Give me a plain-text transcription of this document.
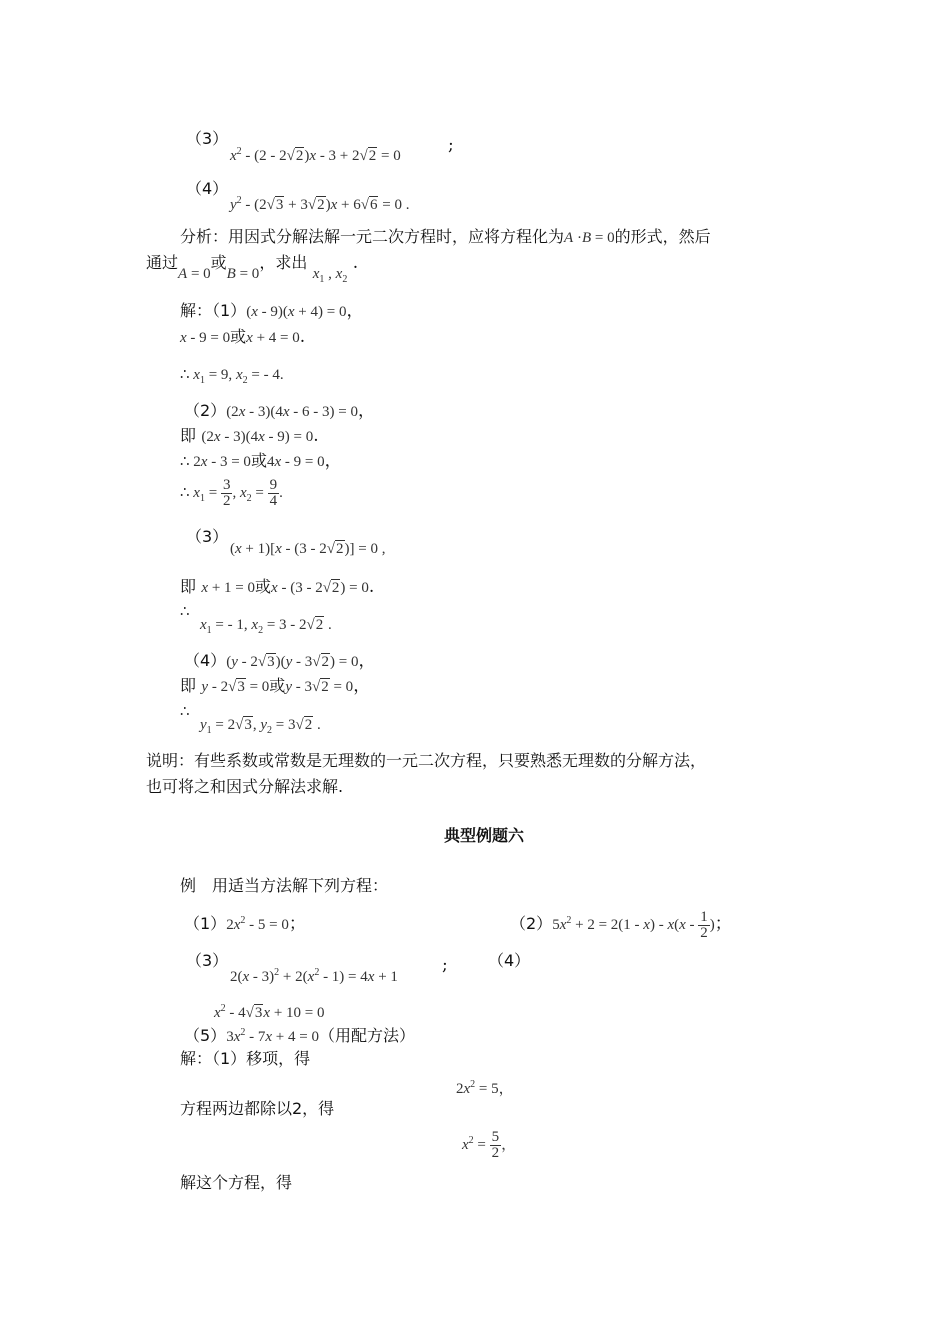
（3）
$x^2 - (2 - 2√2)x - 3 + 2√2 = 0$
;
（4）
$y^2 - (2√3 + 3√2)x + 6√6 = 0$ .
分析：用因式分解法解一元二次方程时，应将方程化为A ·B = 0的形式，然后
通过A = 0或B = 0，求出 $x_1$ , $x_2$ .
解：（1）(x - 9)(x + 4) = 0，
x - 9 = 0或x + 4 = 0.
∴ $x_1 = 9$, $x_2$ = - 4.
（2）(2x - 3)(4x - 6 - 3) = 0，
即 (2x - 3)(4x - 9) = 0.
∴ 2x - 3 = 0或4x - 9 = 0，
∴ $x_1 = \frac{3}{2}$ , $x_2 = \frac{9}{4}$ .
（3）
(x + 1)[x - (3 - 2√2)] = 0 ,
即 x + 1 = 0或x - (3 - 2√2) = 0.
∴
$x_1$ = - 1, $x_2 = 3 - 2√2$ .
（4）(y - 2√3)(y - 3√2) = 0，
即 y - 2√3 = 0或y - 3√2 = 0，
∴
$y_1 = 2√3$, $y_2 = 3√2$ .
说明：有些系数或常数是无理数的一元二次方程，只要熟悉无理数的分解方法，
也可将之和因式分解法求解.
典型例题六
例　用适当方法解下列方程：
$(1)2x^2 - 5 = 0$；	$(2)5x^2 + 2 = 2(1 - x) - x(x - \frac{1}{2}$ )；
（3）
$2(x - 3)^2 + 2(x^2 - 1) = 4x + 1$
;	（4）
$x^2 - 4√3x + 10 = 0$
$(5)3x^2 - 7x + 4 = 0$（用配方法）
解：（1）移项，得
$2x^2 = 5$，
方程两边都除以2，得
$x^2 = \frac{5}{2}$ ，
解这个方程，得
